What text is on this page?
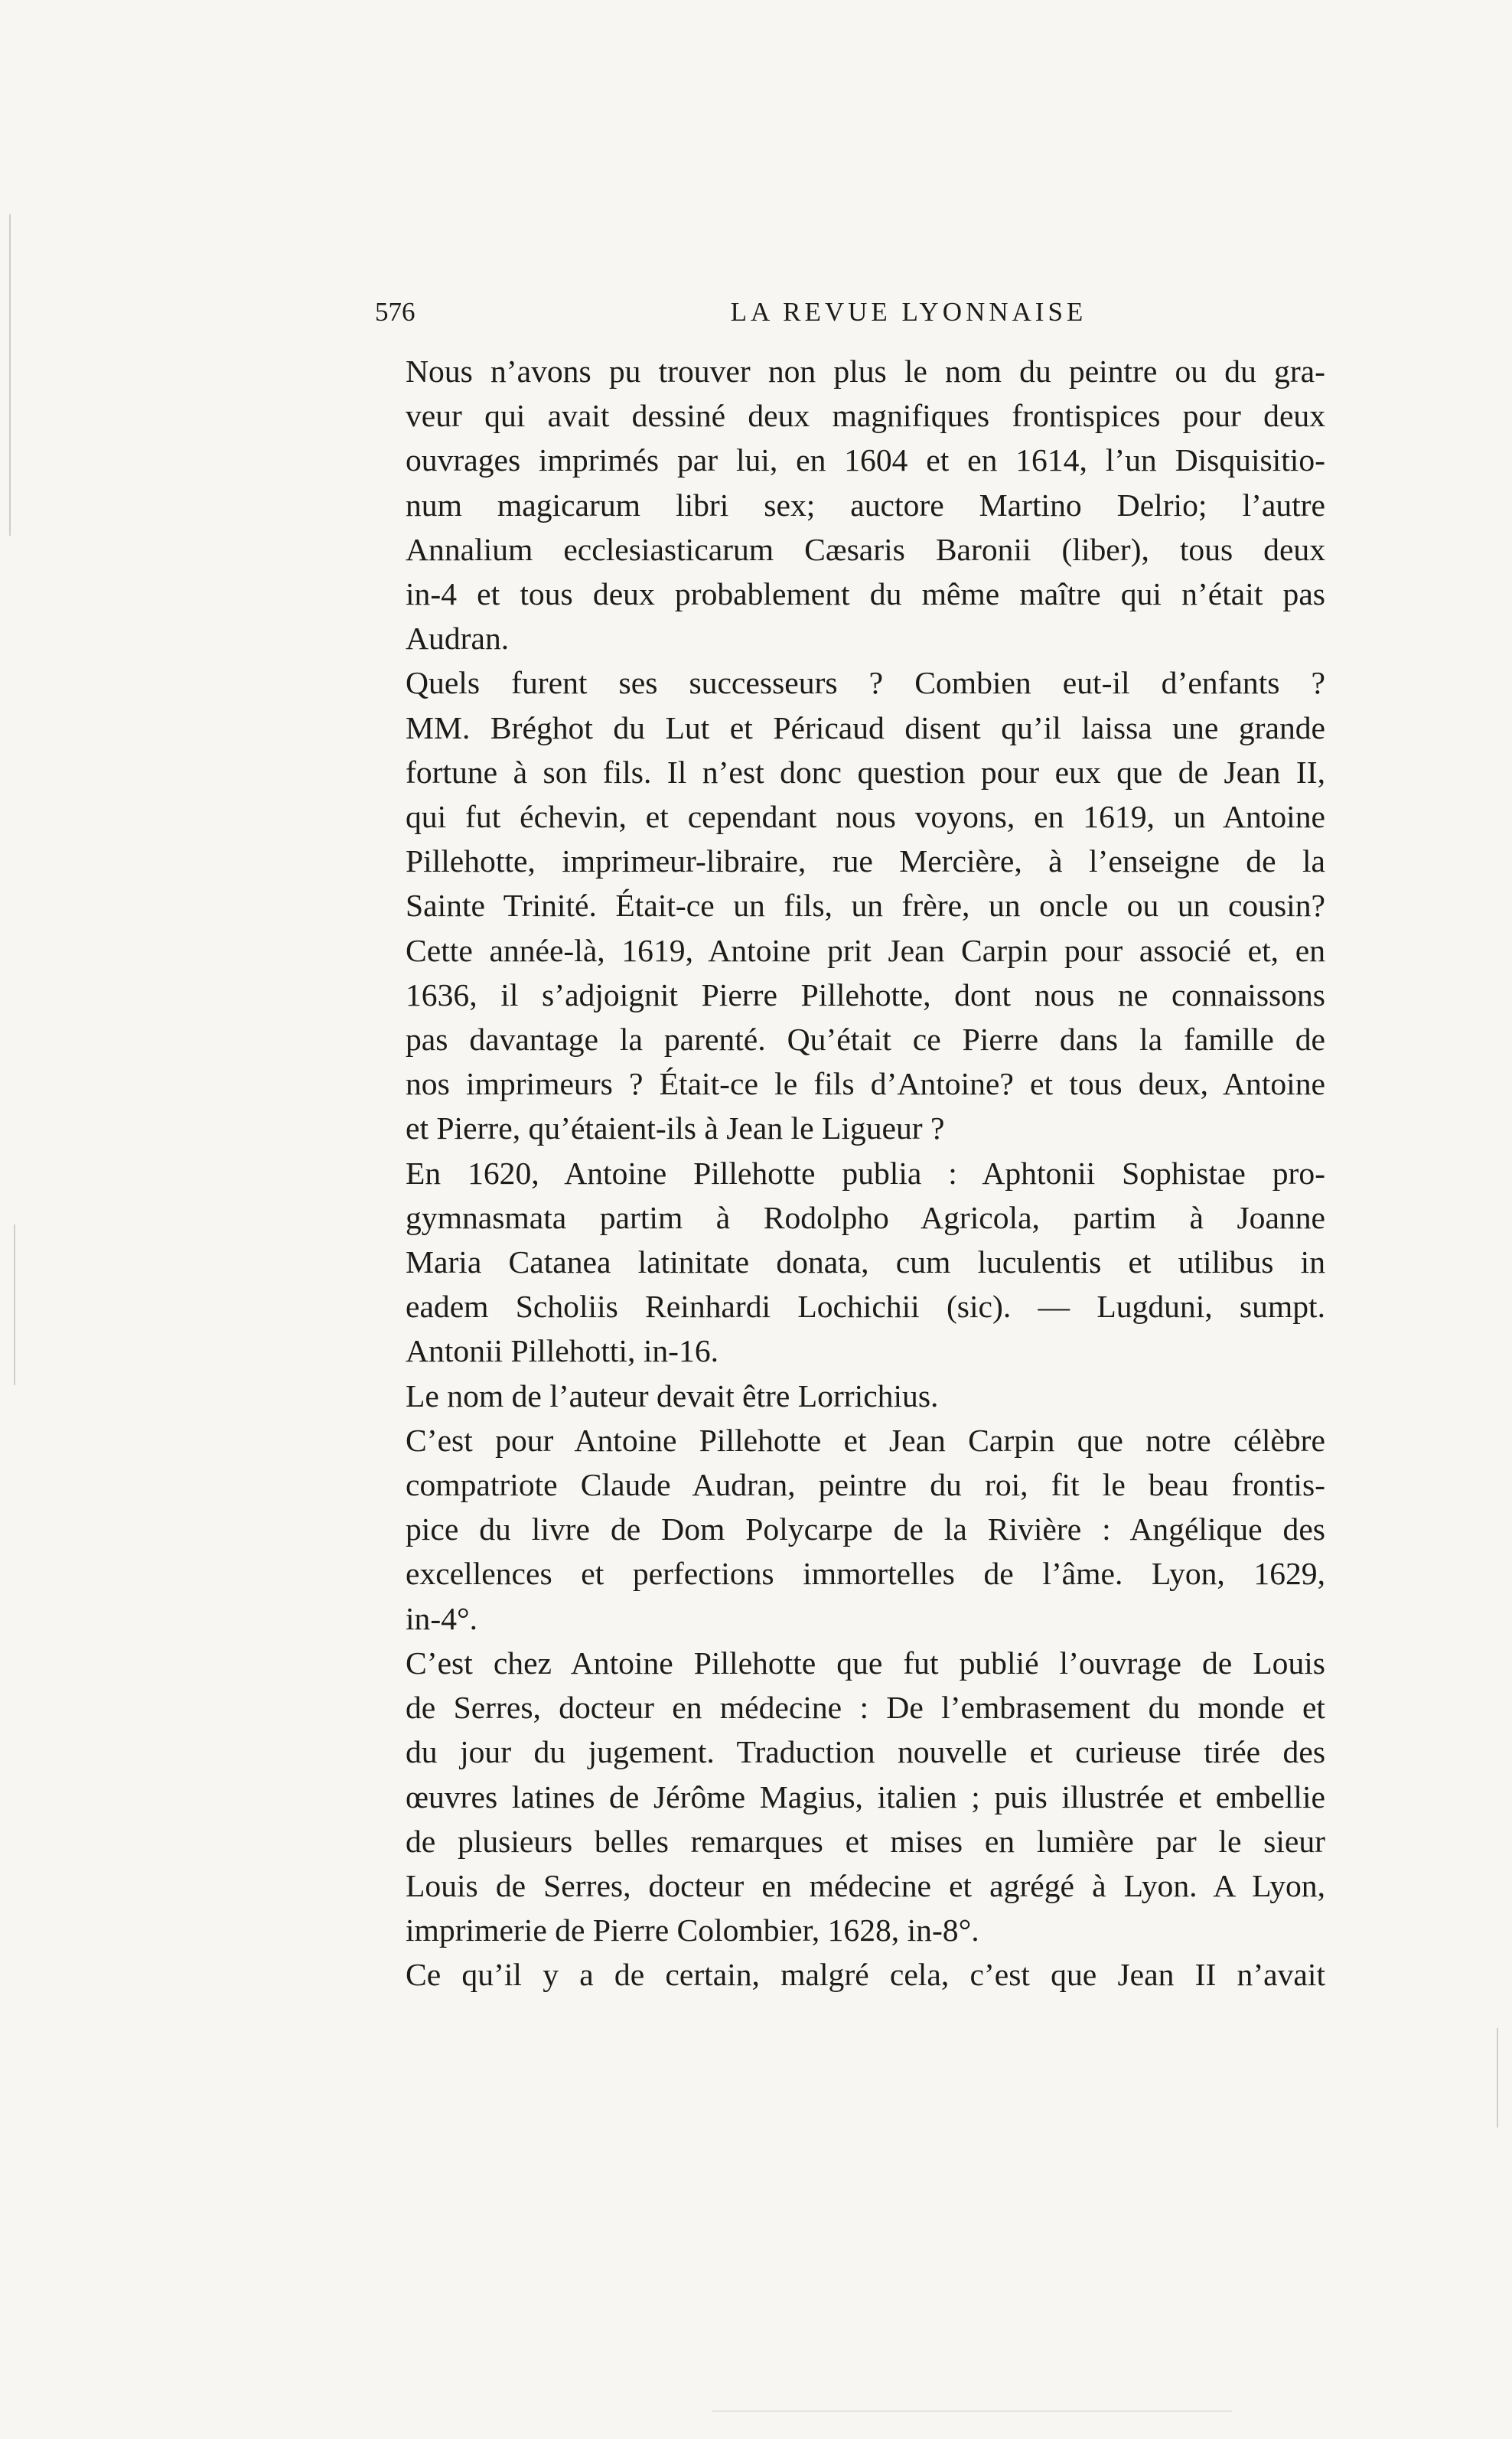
576	LA REVUE LYONNAISE

Nous n’avons pu trouver non plus le nom du peintre ou du gra-
veur qui avait dessiné deux magnifiques frontispices pour deux
ouvrages imprimés par lui, en 1604 et en 1614, l’un Disquisitio-
num magicarum libri sex; auctore Martino Delrio; l’autre
Annalium ecclesiasticarum Cæsaris Baronii (liber), tous deux
in-4 et tous deux probablement du même maître qui n’était pas
Audran.

Quels furent ses successeurs ? Combien eut-il d’enfants ?
MM. Bréghot du Lut et Péricaud disent qu’il laissa une grande
fortune à son fils. Il n’est donc question pour eux que de Jean II,
qui fut échevin, et cependant nous voyons, en 1619, un Antoine
Pillehotte, imprimeur-libraire, rue Mercière, à l’enseigne de la
Sainte Trinité. Était-ce un fils, un frère, un oncle ou un cousin?
Cette année-là, 1619, Antoine prit Jean Carpin pour associé et, en
1636, il s’adjoignit Pierre Pillehotte, dont nous ne connaissons
pas davantage la parenté. Qu’était ce Pierre dans la famille de
nos imprimeurs ? Était-ce le fils d’Antoine? et tous deux, Antoine
et Pierre, qu’étaient-ils à Jean le Ligueur ?

En 1620, Antoine Pillehotte publia : Aphtonii Sophistae pro-
gymnasmata partim à Rodolpho Agricola, partim à Joanne
Maria Catanea latinitate donata, cum luculentis et utilibus in
eadem Scholiis Reinhardi Lochichii (sic). — Lugduni, sumpt.
Antonii Pillehotti, in-16.

Le nom de l’auteur devait être Lorrichius.

C’est pour Antoine Pillehotte et Jean Carpin que notre célèbre
compatriote Claude Audran, peintre du roi, fit le beau frontis-
pice du livre de Dom Polycarpe de la Rivière : Angélique des
excellences et perfections immortelles de l’âme. Lyon, 1629,
in-4°.

C’est chez Antoine Pillehotte que fut publié l’ouvrage de Louis
de Serres, docteur en médecine : De l’embrasement du monde et
du jour du jugement. Traduction nouvelle et curieuse tirée des
œuvres latines de Jérôme Magius, italien ; puis illustrée et embellie
de plusieurs belles remarques et mises en lumière par le sieur
Louis de Serres, docteur en médecine et agrégé à Lyon. A Lyon,
imprimerie de Pierre Colombier, 1628, in-8°.

Ce qu’il y a de certain, malgré cela, c’est que Jean II n’avait
